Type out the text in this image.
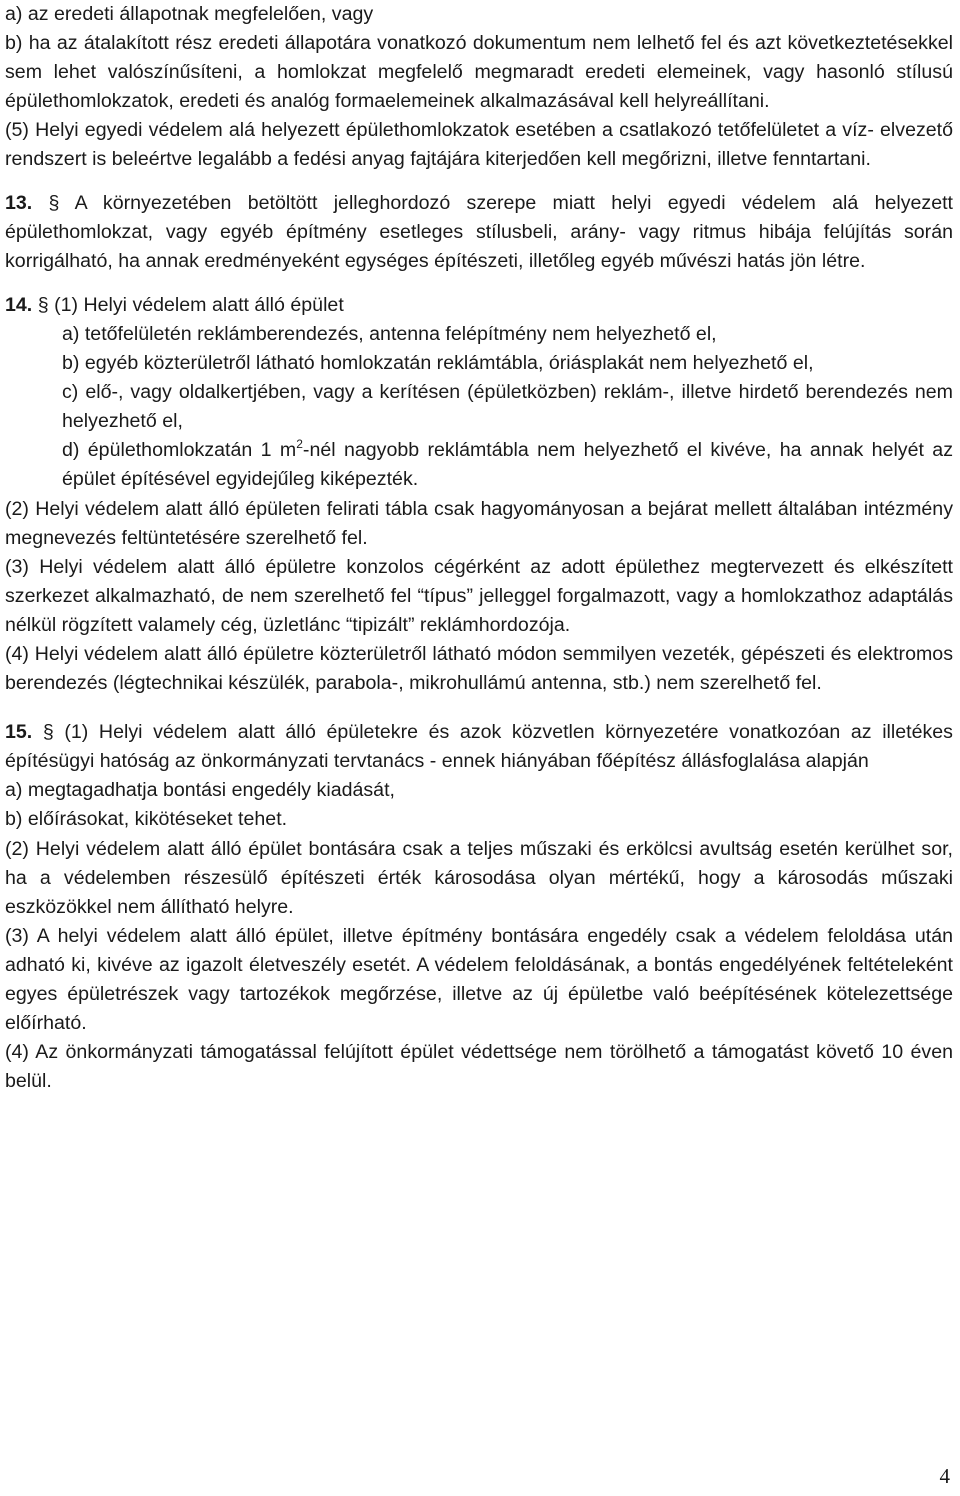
a) az eredeti állapotnak megfelelően, vagy

b) ha az átalakított rész eredeti állapotára vonatkozó dokumentum nem lelhető fel és azt következtetésekkel sem lehet valószínűsíteni, a homlokzat megfelelő megmaradt eredeti elemeinek, vagy hasonló stílusú épülethomlokzatok, eredeti és analóg formaelemeinek alkalmazásával kell helyreállítani.

(5) Helyi egyedi védelem alá helyezett épülethomlokzatok esetében a csatlakozó tetőfelületet a víz- elvezető rendszert is beleértve legalább a fedési anyag fajtájára kiterjedően kell megőrizni, illetve fenntartani.

13. § A környezetében betöltött jelleghordozó szerepe miatt helyi egyedi védelem alá helyezett épülethomlokzat, vagy egyéb építmény esetleges stílusbeli, arány- vagy ritmus hibája felújítás során korrigálható, ha annak eredményeként egységes építészeti, illetőleg egyéb művészi hatás jön létre.

14. § (1) Helyi védelem alatt álló épület

a) tetőfelületén reklámberendezés, antenna felépítmény nem helyezhető el,

b) egyéb közterületről látható homlokzatán reklámtábla, óriásplakát nem helyezhető el,

c) elő-, vagy oldalkertjében, vagy a kerítésen (épületközben) reklám-, illetve hirdető berendezés nem helyezhető el,

d) épülethomlokzatán 1 $m^2$-nél nagyobb reklámtábla nem helyezhető el kivéve, ha annak helyét az épület építésével egyidejűleg kiképezték.

(2) Helyi védelem alatt álló épületen felirati tábla csak hagyományosan a bejárat mellett általában intézmény megnevezés feltüntetésére szerelhető fel.

(3) Helyi védelem alatt álló épületre konzolos cégérként az adott épülethez megtervezett és elkészített szerkezet alkalmazható, de nem szerelhető fel “típus” jelleggel forgalmazott, vagy a homlokzathoz adaptálás nélkül rögzített valamely cég, üzletlánc “tipizált” reklámhordozója.

(4) Helyi védelem alatt álló épületre közterületről látható módon semmilyen vezeték, gépészeti és elektromos berendezés (légtechnikai készülék, parabola-, mikrohullámú antenna, stb.) nem szerelhető fel.

15. § (1) Helyi védelem alatt álló épületekre és azok közvetlen környezetére vonatkozóan az illetékes építésügyi hatóság az önkormányzati tervtanács - ennek hiányában főépítész állásfoglalása alapján

a) megtagadhatja bontási engedély kiadását,

b) előírásokat, kikötéseket tehet.

(2) Helyi védelem alatt álló épület bontására csak a teljes műszaki és erkölcsi avultság esetén kerülhet sor, ha a védelemben részesülő építészeti érték károsodása olyan mértékű, hogy a károsodás műszaki eszközökkel nem állítható helyre.

(3) A helyi védelem alatt álló épület, illetve építmény bontására engedély csak a védelem feloldása után adható ki, kivéve az igazolt életveszély esetét. A védelem feloldásának, a bontás engedélyének feltételeként egyes épületrészek vagy tartozékok megőrzése, illetve az új épületbe való beépítésének kötelezettsége előírható.

(4) Az önkormányzati támogatással felújított épület védettsége nem törölhető a támogatást követő 10 éven belül.

4
